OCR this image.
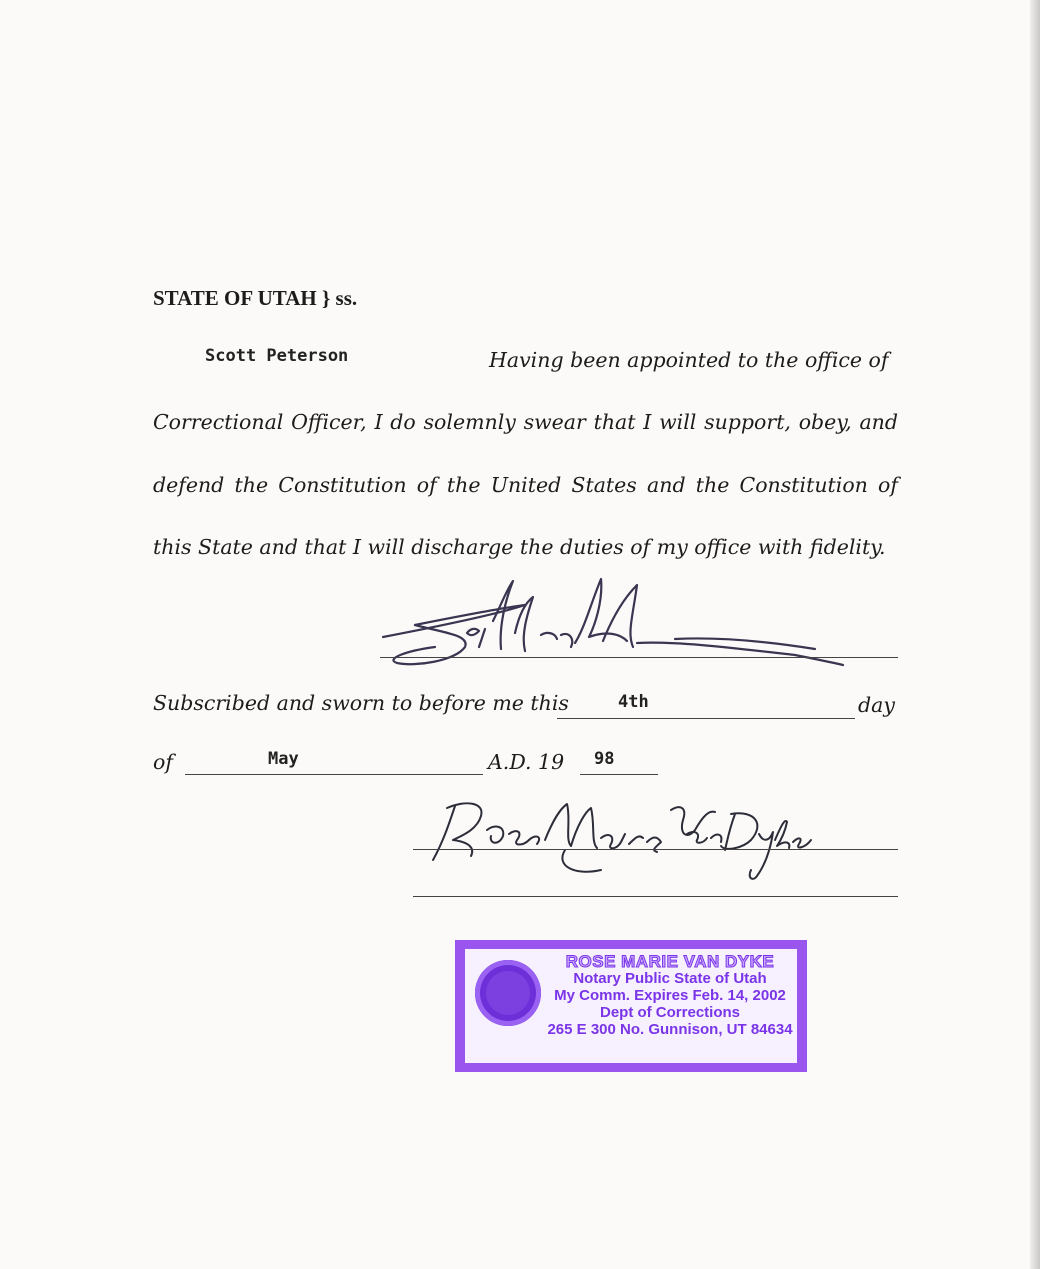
STATE OF UTAH } ss.
Scott Peterson	Having been appointed to the office of
Correctional Officer, I do solemnly swear that I will support, obey, and
defend the Constitution of the United States and the Constitution of
this State and that I will discharge the duties of my office with fidelity.
Subscribed and sworn to before me this	4th	day
of	May	A.D. 19 98
ROSE MARIE VAN DYKE
Notary Public State of Utah
My Comm. Expires Feb. 14, 2002
Dept of Corrections
265 E 300 No. Gunnison, UT 84634
